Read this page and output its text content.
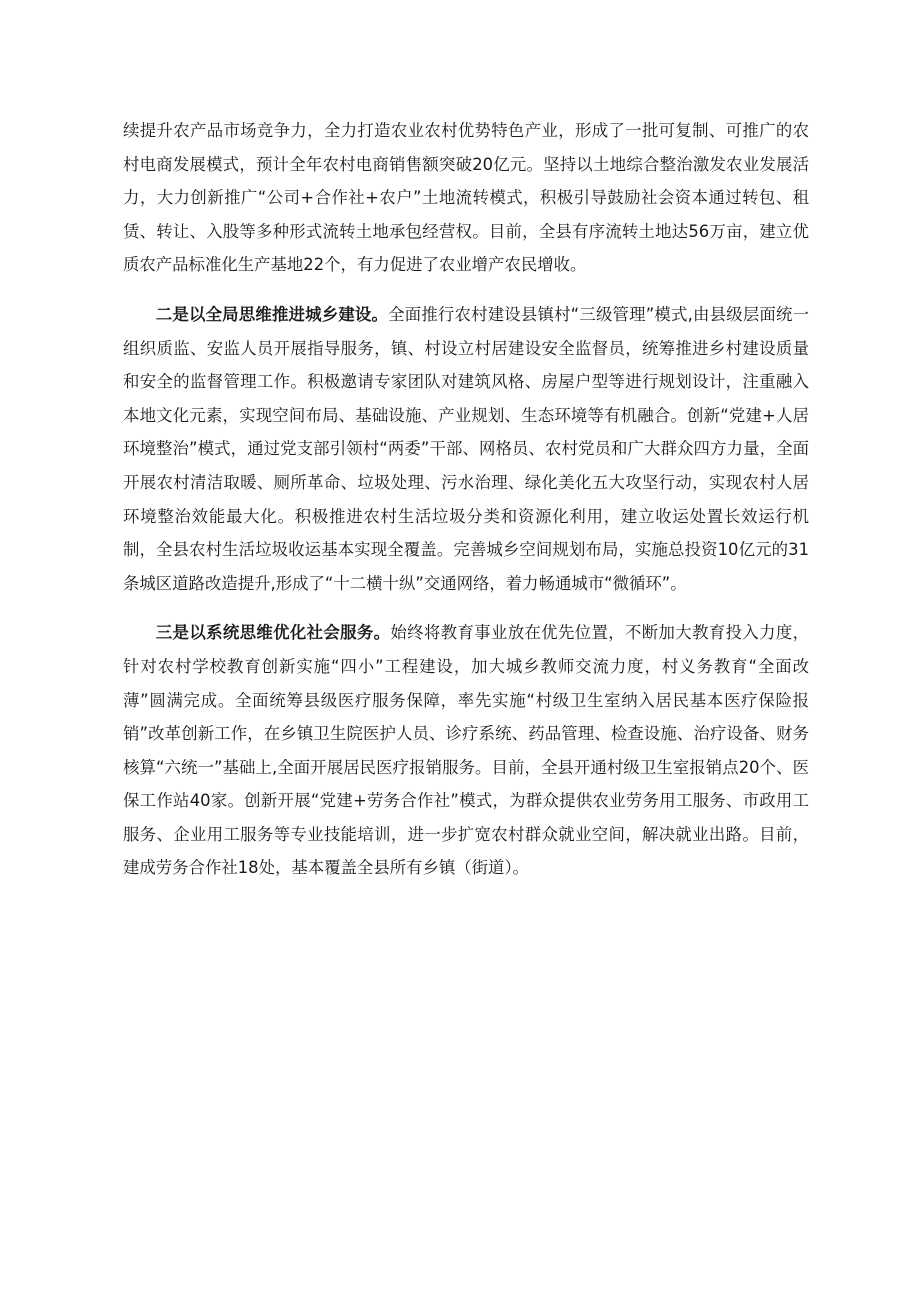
续提升农产品市场竞争力，全力打造农业农村优势特色产业，形成了一批可复制、可推广的农村电商发展模式，预计全年农村电商销售额突破20亿元。坚持以土地综合整治激发农业发展活力，大力创新推广“公司+合作社+农户”土地流转模式，积极引导鼓励社会资本通过转包、租赁、转让、入股等多种形式流转土地承包经营权。目前，全县有序流转土地达56万亩，建立优质农产品标准化生产基地22个，有力促进了农业增产农民增收。

二是以全局思维推进城乡建设。全面推行农村建设县镇村“三级管理”模式,由县级层面统一组织质监、安监人员开展指导服务，镇、村设立村居建设安全监督员，统筹推进乡村建设质量和安全的监督管理工作。积极邀请专家团队对建筑风格、房屋户型等进行规划设计，注重融入本地文化元素，实现空间布局、基础设施、产业规划、生态环境等有机融合。创新“党建+人居环境整治”模式，通过党支部引领村“两委”干部、网格员、农村党员和广大群众四方力量，全面开展农村清洁取暖、厕所革命、垃圾处理、污水治理、绿化美化五大攻坚行动，实现农村人居环境整治效能最大化。积极推进农村生活垃圾分类和资源化利用，建立收运处置长效运行机制，全县农村生活垃圾收运基本实现全覆盖。完善城乡空间规划布局，实施总投资10亿元的31条城区道路改造提升,形成了“十二横十纵”交通网络，着力畅通城市“微循环”。

三是以系统思维优化社会服务。始终将教育事业放在优先位置，不断加大教育投入力度，针对农村学校教育创新实施“四小”工程建设，加大城乡教师交流力度，村义务教育“全面改薄”圆满完成。全面统筹县级医疗服务保障，率先实施“村级卫生室纳入居民基本医疗保险报销”改革创新工作，在乡镇卫生院医护人员、诊疗系统、药品管理、检查设施、治疗设备、财务核算“六统一”基础上,全面开展居民医疗报销服务。目前，全县开通村级卫生室报销点20个、医保工作站40家。创新开展“党建+劳务合作社”模式，为群众提供农业劳务用工服务、市政用工服务、企业用工服务等专业技能培训，进一步扩宽农村群众就业空间，解决就业出路。目前，建成劳务合作社18处，基本覆盖全县所有乡镇（街道）。
